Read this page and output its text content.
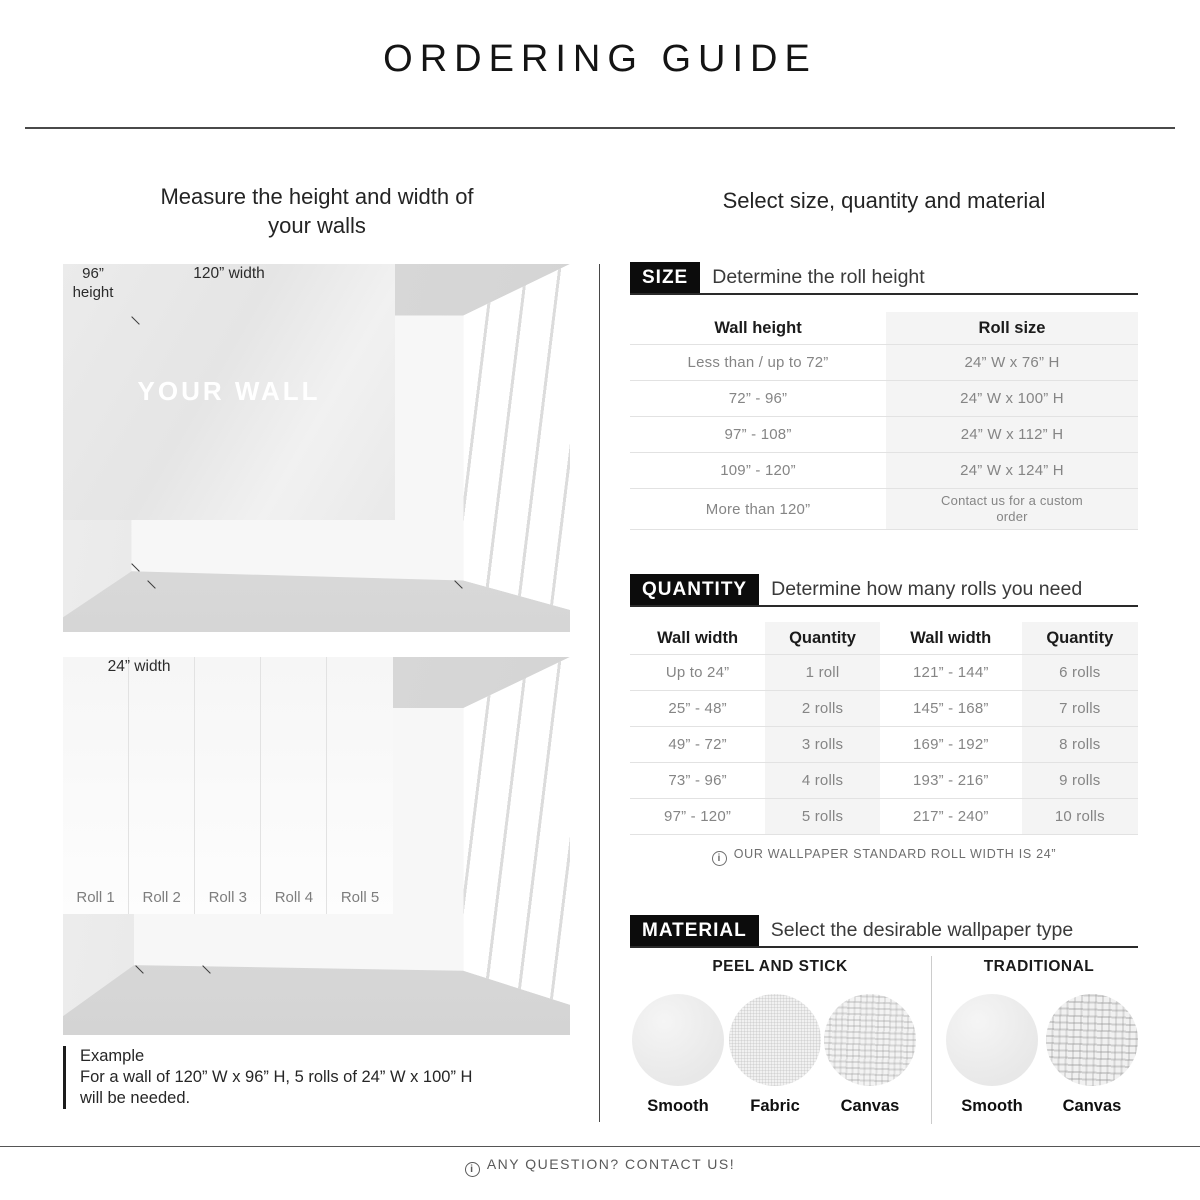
ORDERING GUIDE
Measure the height and width of your walls
Select size, quantity and material
YOUR WALL
96”
height
120” width
Roll 1 Roll 2 Roll 3 Roll 4 Roll 5
24” width
Example
For a wall of 120” W x 96” H, 5 rolls of 24” W x 100” H
will be needed.
SIZE	Determine the roll height
Wall height	Roll size
Less than / up to 72”	24” W x 76” H
72” - 96”	24” W x 100” H
97” - 108”	24” W x 112” H
109” - 120”	24” W x 124” H
More than 120”	Contact us for a custom order
QUANTITY	Determine how many rolls you need
Wall width	Quantity	Wall width	Quantity
Up to 24”	1 roll	121” - 144”	6 rolls
25” - 48”	2 rolls	145” - 168”	7 rolls
49” - 72”	3 rolls	169” - 192”	8 rolls
73” - 96”	4 rolls	193” - 216”	9 rolls
97” - 120”	5 rolls	217” - 240”	10 rolls
i OUR WALLPAPER STANDARD ROLL WIDTH IS 24”
MATERIAL	Select the desirable wallpaper type
PEEL AND STICK	TRADITIONAL
Smooth	Fabric	Canvas	Smooth	Canvas
i ANY QUESTION? CONTACT US!
